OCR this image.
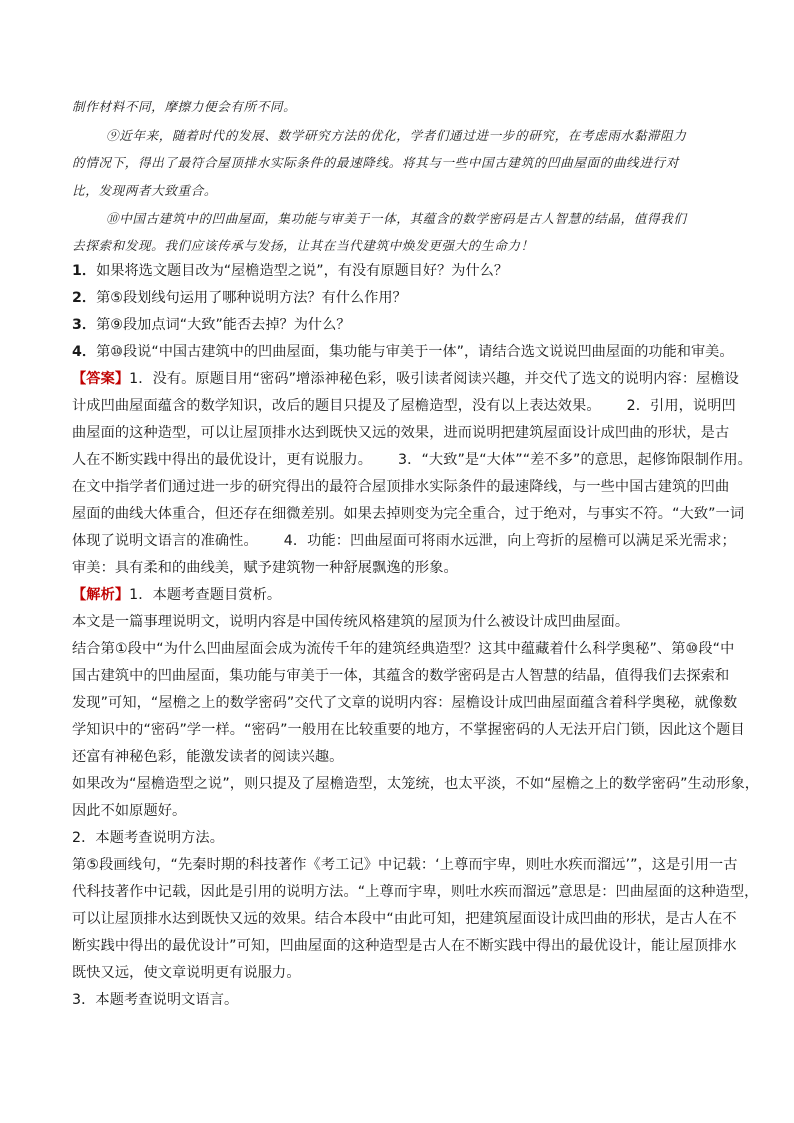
制作材料不同，摩擦力便会有所不同。
⑨近年来，随着时代的发展、数学研究方法的优化，学者们通过进一步的研究，在考虑雨水黏滞阻力
的情况下，得出了最符合屋顶排水实际条件的最速降线。将其与一些中国古建筑的凹曲屋面的曲线进行对
比，发现两者大致重合。
⑩中国古建筑中的凹曲屋面，集功能与审美于一体，其蕴含的数学密码是古人智慧的结晶，值得我们
去探索和发现。我们应该传承与发扬，让其在当代建筑中焕发更强大的生命力！
1．如果将选文题目改为“屋檐造型之说”，有没有原题目好？为什么？
2．第⑤段划线句运用了哪种说明方法？有什么作用？
3．第⑨段加点词“大致”能否去掉？为什么？
4．第⑩段说“中国古建筑中的凹曲屋面，集功能与审美于一体”，请结合选文说说凹曲屋面的功能和审美。
【答案】1．没有。原题目用“密码”增添神秘色彩，吸引读者阅读兴趣，并交代了选文的说明内容：屋檐设
计成凹曲屋面蕴含的数学知识，改后的题目只提及了屋檐造型，没有以上表达效果。 2．引用，说明凹
曲屋面的这种造型，可以让屋顶排水达到既快又远的效果，进而说明把建筑屋面设计成凹曲的形状，是古
人在不断实践中得出的最优设计，更有说服力。 3．“大致”是“大体”“差不多”的意思，起修饰限制作用。
在文中指学者们通过进一步的研究得出的最符合屋顶排水实际条件的最速降线，与一些中国古建筑的凹曲
屋面的曲线大体重合，但还存在细微差别。如果去掉则变为完全重合，过于绝对，与事实不符。“大致”一词
体现了说明文语言的准确性。 4．功能：凹曲屋面可将雨水远泄，向上弯折的屋檐可以满足采光需求；
审美：具有柔和的曲线美，赋予建筑物一种舒展飘逸的形象。
【解析】1．本题考查题目赏析。
本文是一篇事理说明文，说明内容是中国传统风格建筑的屋顶为什么被设计成凹曲屋面。
结合第①段中“为什么凹曲屋面会成为流传千年的建筑经典造型？这其中蕴藏着什么科学奥秘”、第⑩段“中
国古建筑中的凹曲屋面，集功能与审美于一体，其蕴含的数学密码是古人智慧的结晶，值得我们去探索和
发现”可知，“屋檐之上的数学密码”交代了文章的说明内容：屋檐设计成凹曲屋面蕴含着科学奥秘，就像数
学知识中的“密码”学一样。“密码”一般用在比较重要的地方，不掌握密码的人无法开启门锁，因此这个题目
还富有神秘色彩，能激发读者的阅读兴趣。
如果改为“屋檐造型之说”，则只提及了屋檐造型，太笼统，也太平淡，不如“屋檐之上的数学密码”生动形象，
因此不如原题好。
2．本题考查说明方法。
第⑤段画线句，“先秦时期的科技著作《考工记》中记载：‘上尊而宇卑，则吐水疾而溜远’”，这是引用一古
代科技著作中记载，因此是引用的说明方法。“上尊而宇卑，则吐水疾而溜远”意思是：凹曲屋面的这种造型，
可以让屋顶排水达到既快又远的效果。结合本段中“由此可知，把建筑屋面设计成凹曲的形状，是古人在不
断实践中得出的最优设计”可知，凹曲屋面的这种造型是古人在不断实践中得出的最优设计，能让屋顶排水
既快又远，使文章说明更有说服力。
3．本题考查说明文语言。
